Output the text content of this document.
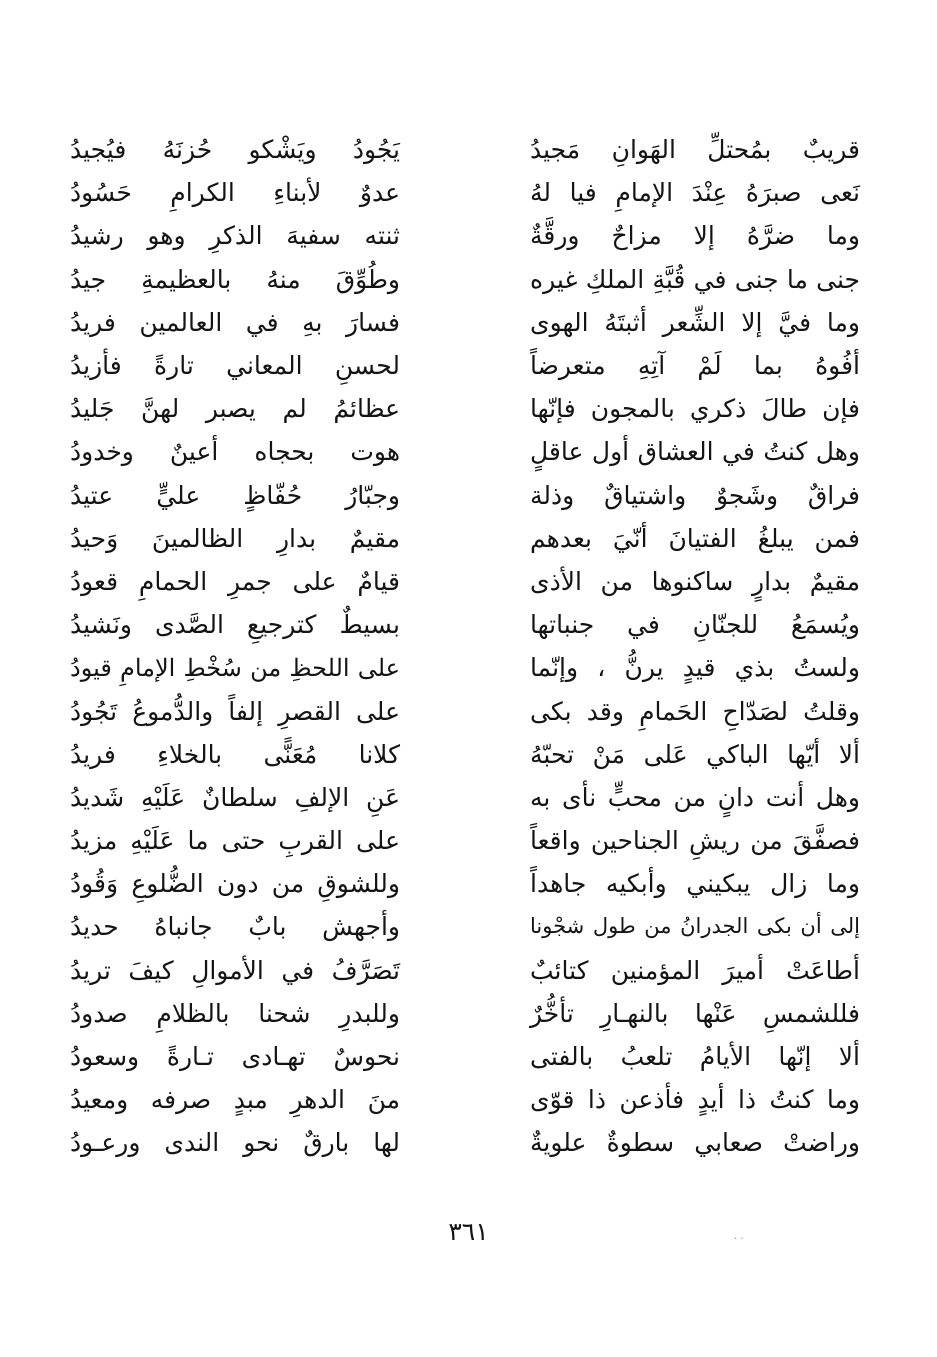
قريبٌ بمُحتلِّ الهَوانِ مَجيدُ
يَجُودُ ويَشْكو حُزنَهُ فيُجيدُ
نَعى صبرَهُ عِنْدَ الإمامِ فيا لهُ
عدوٌ لأبناءِ الكرامِ حَسُودُ
وما ضرَّهُ إلا مزاحٌ ورقَّةٌ
ثنته سفيهَ الذكرِ وهو رشيدُ
جنى ما جنى في قُبَّةِ الملكِ غيره
وطُوِّقَ منهُ بالعظيمةِ جيدُ
وما فيَّ إلا الشِّعر أثبتَهُ الهوى
فسارَ بهِ في العالمين فريدُ
أفُوهُ بما لَمْ آتِهِ متعرضاً
لحسنِ المعاني تارةً فأزيدُ
فإن طالَ ذكري بالمجون فإنّها
عظائمُ لم يصبر لهنَّ جَليدُ
وهل كنتُ في العشاق أول عاقلٍ
هوت بحجاه أعينٌ وخدودُ
فراقٌ وشَجوٌ واشتياقٌ وذلة
وجبّارُ حُفّاظٍ عليٍّ عتيدُ
فمن يبلغُ الفتيانَ أنّيَ بعدهم
مقيمٌ بدارِ الظالمينَ وَحيدُ
مقيمٌ بدارٍ ساكنوها من الأذى
قيامٌ على جمرِ الحمامِ قعودُ
ويُسمَعُ للجنّانِ في جنباتها
بسيطٌ كترجيعِ الصَّدى ونَشيدُ
ولستُ بذي قيدٍ يرنُّ ، وإنّما
على اللحظِ من سُخْطِ الإمامِ قيودُ
وقلتُ لصَدّاحِ الحَمامِ وقد بكى
على القصرِ إلفاً والدُّموعُ تَجُودُ
ألا أيّها الباكي عَلى مَنْ تحبّهُ
كلانا مُعَنًّى بالخلاءِ فريدُ
وهل أنت دانٍ من محبٍّ نأى به
عَنِ الإلفِ سلطانٌ عَلَيْهِ شَديدُ
فصفَّقَ من ريشِ الجناحين واقعاً
على القربِ حتى ما عَلَيْهِ مزيدُ
وما زال يبكيني وأبكيه جاهداً
وللشوقِ من دون الضُّلوعِ وَقُودُ
إلى أن بكى الجدرانُ من طول شجْونا
وأجهش بابٌ جانباهُ حديدُ
أطاعَتْ أميرَ المؤمنين كتائبٌ
تَصَرَّفُ في الأموالِ كيفَ تريدُ
فللشمسِ عَنْها بالنهـارِ تأخُّرٌ
وللبدرِ شحنا بالظلامِ صدودُ
ألا إنّها الأيامُ تلعبُ بالفتى
نحوسٌ تهـادى تـارةً وسعودُ
وما كنتُ ذا أيدٍ فأذعن ذا قوّى
منَ الدهرِ مبدٍ صرفه ومعيدُ
وراضتْ صعابي سطوةٌ علويةٌ
لها بارقٌ نحو الندى ورعـودُ
٣٦١	· ·
